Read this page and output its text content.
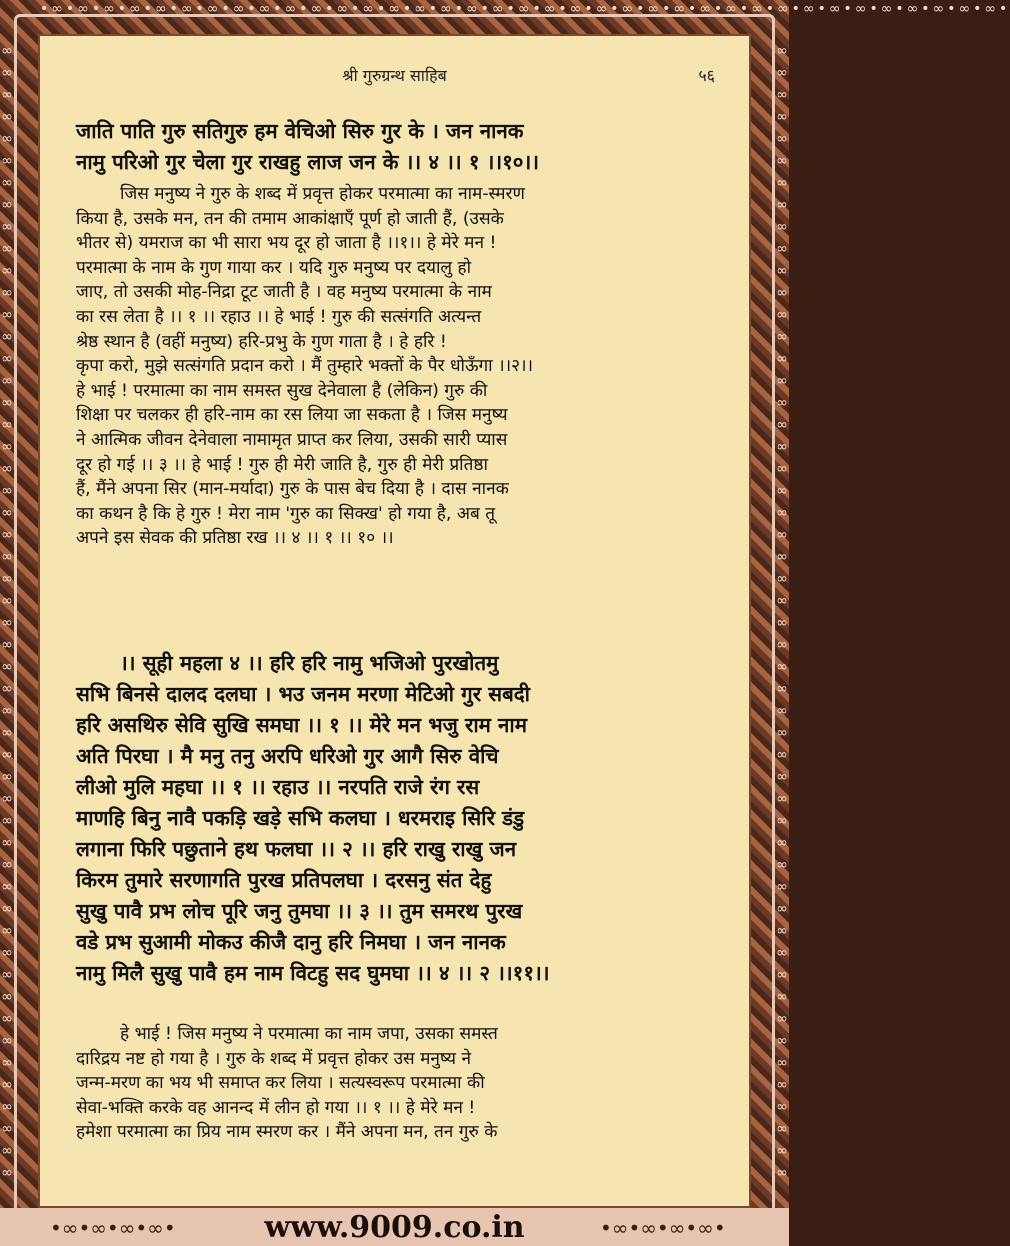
•∞•∞•∞•∞•∞•∞•∞•∞•∞•∞•∞•∞•∞•∞•∞•∞•∞•∞•∞•∞•∞•∞•∞•∞•∞•∞•∞•∞•∞•∞•∞•∞•∞•∞•∞•∞•∞•
∞∞∞∞∞∞∞∞∞∞∞∞∞∞∞∞∞∞∞∞∞∞∞∞∞∞∞∞∞∞∞∞∞∞∞∞∞∞∞∞∞∞∞∞∞∞∞∞∞∞∞∞
∞∞∞∞∞∞∞∞∞∞∞∞∞∞∞∞∞∞∞∞∞∞∞∞∞∞∞∞∞∞∞∞∞∞∞∞∞∞∞∞∞∞∞∞∞∞∞∞∞∞∞∞
श्री गुरुग्रन्थ साहिब	५६
जाति पाति गुरु सतिगुरु हम वेचिओ सिरु गुर के । जन नानक
नामु परिओ गुर चेला गुर राखहु लाज जन के ।। ४ ।। १ ।।१०।।
जिस मनुष्य ने गुरु के शब्द में प्रवृत्त होकर परमात्मा का नाम-स्मरण
किया है, उसके मन, तन की तमाम आकांक्षाएँ पूर्ण हो जाती हैं, (उसके
भीतर से) यमराज का भी सारा भय दूर हो जाता है ।।१।। हे मेरे मन !
परमात्मा के नाम के गुण गाया कर । यदि गुरु मनुष्य पर दयालु हो
जाए, तो उसकी मोह-निद्रा टूट जाती है । वह मनुष्य परमात्मा के नाम
का रस लेता है ।। १ ।। रहाउ ।। हे भाई ! गुरु की सत्संगति अत्यन्त
श्रेष्ठ स्थान है (वहीं मनुष्य) हरि-प्रभु के गुण गाता है । हे हरि !
कृपा करो, मुझे सत्संगति प्रदान करो । मैं तुम्हारे भक्तों के पैर धोऊँगा ।।२।।
हे भाई ! परमात्मा का नाम समस्त सुख देनेवाला है (लेकिन) गुरु की
शिक्षा पर चलकर ही हरि-नाम का रस लिया जा सकता है । जिस मनुष्य
ने आत्मिक जीवन देनेवाला नामामृत प्राप्त कर लिया, उसकी सारी प्यास
दूर हो गई ।। ३ ।। हे भाई ! गुरु ही मेरी जाति है, गुरु ही मेरी प्रतिष्ठा
हैं, मैंने अपना सिर (मान-मर्यादा) गुरु के पास बेच दिया है । दास नानक
का कथन है कि हे गुरु ! मेरा नाम 'गुरु का सिक्ख' हो गया है, अब तू
अपने इस सेवक की प्रतिष्ठा रख ।। ४ ।। १ ।। १० ।।
।। सूही महला ४ ।। हरि हरि नामु भजिओ पुरखोतमु
सभि बिनसे दालद दलघा । भउ जनम मरणा मेटिओ गुर सबदी
हरि असथिरु सेवि सुखि समघा ।। १ ।। मेरे मन भजु राम नाम
अति पिरघा । मै मनु तनु अरपि धरिओ गुर आगै सिरु वेचि
लीओ मुलि महघा ।। १ ।। रहाउ ।। नरपति राजे रंग रस
माणहि बिनु नावै पकड़ि खड़े सभि कलघा । धरमराइ सिरि डंडु
लगाना फिरि पछुताने हथ फलघा ।। २ ।। हरि राखु राखु जन
किरम तुमारे सरणागति पुरख प्रतिपलघा । दरसनु संत देहु
सुखु पावै प्रभ लोच पूरि जनु तुमघा ।। ३ ।। तुम समरथ पुरख
वडे प्रभ सुआमी मोकउ कीजै दानु हरि निमघा । जन नानक
नामु मिलै सुखु पावै हम नाम विटहु सद घुमघा ।। ४ ।। २ ।।११।।
हे भाई ! जिस मनुष्य ने परमात्मा का नाम जपा, उसका समस्त
दारिद्रय नष्ट हो गया है । गुरु के शब्द में प्रवृत्त होकर उस मनुष्य ने
जन्म-मरण का भय भी समाप्त कर लिया । सत्यस्वरूप परमात्मा की
सेवा-भक्ति करके वह आनन्द में लीन हो गया ।। १ ।। हे मेरे मन !
हमेशा परमात्मा का प्रिय नाम स्मरण कर । मैंने अपना मन, तन गुरु के
•∞•∞•∞•∞•	•∞•∞•∞•∞•
www.9009.co.in
